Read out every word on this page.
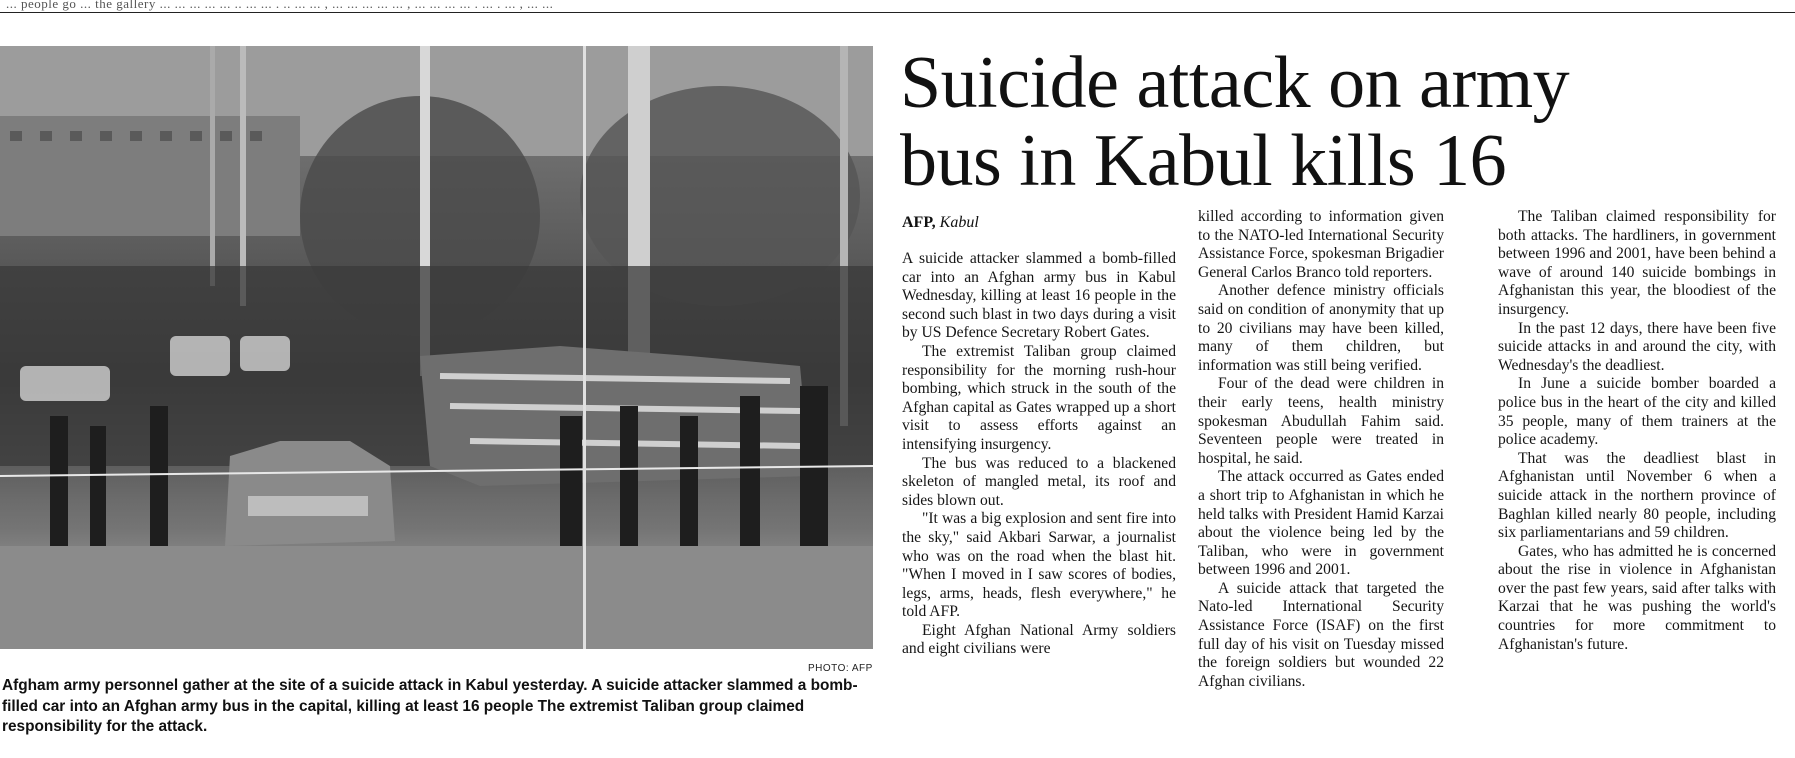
... people go ... the gallery ... ... ... ... ... .. ... ... . .. ... ... , ... ... ... ... ... , ... ... ... ... . ... . ... , ... ...
PHOTO: AFP
Afgham army personnel gather at the site of a suicide attack in Kabul yesterday. A suicide attacker slammed a bomb-filled car into an Afghan army bus in the capital, killing at least 16 people The extremist Taliban group claimed responsibility for the attack.
Suicide attack on army
bus in Kabul kills 16
AFP, Kabul

A suicide attacker slammed a bomb-filled car into an Afghan army bus in Kabul Wednesday, killing at least 16 people in the second such blast in two days during a visit by US Defence Secretary Robert Gates.

The extremist Taliban group claimed responsibility for the morning rush-hour bombing, which struck in the south of the Afghan capital as Gates wrapped up a short visit to assess efforts against an intensifying insurgency.

The bus was reduced to a blackened skeleton of mangled metal, its roof and sides blown out.

"It was a big explosion and sent fire into the sky," said Akbari Sarwar, a journalist who was on the road when the blast hit. "When I moved in I saw scores of bodies, legs, arms, heads, flesh everywhere," he told AFP.

Eight Afghan National Army soldiers and eight civilians were

killed according to information given to the NATO-led International Security Assistance Force, spokesman Brigadier General Carlos Branco told reporters.

Another defence ministry officials said on condition of anonymity that up to 20 civilians may have been killed, many of them children, but information was still being verified.

Four of the dead were children in their early teens, health ministry spokesman Abudullah Fahim said. Seventeen people were treated in hospital, he said.

The attack occurred as Gates ended a short trip to Afghanistan in which he held talks with President Hamid Karzai about the violence being led by the Taliban, who were in government between 1996 and 2001.

A suicide attack that targeted the Nato-led International Security Assistance Force (ISAF) on the first full day of his visit on Tuesday missed the foreign soldiers but wounded 22 Afghan civilians.

The Taliban claimed responsibility for both attacks. The hardliners, in government between 1996 and 2001, have been behind a wave of around 140 suicide bombings in Afghanistan this year, the bloodiest of the insurgency.

In the past 12 days, there have been five suicide attacks in and around the city, with Wednesday's the deadliest.

In June a suicide bomber boarded a police bus in the heart of the city and killed 35 people, many of them trainers at the police academy.

That was the deadliest blast in Afghanistan until November 6 when a suicide attack in the northern province of Baghlan killed nearly 80 people, including six parliamentarians and 59 children.

Gates, who has admitted he is concerned about the rise in violence in Afghanistan over the past few years, said after talks with Karzai that he was pushing the world's countries for more commitment to Afghanistan's future.
